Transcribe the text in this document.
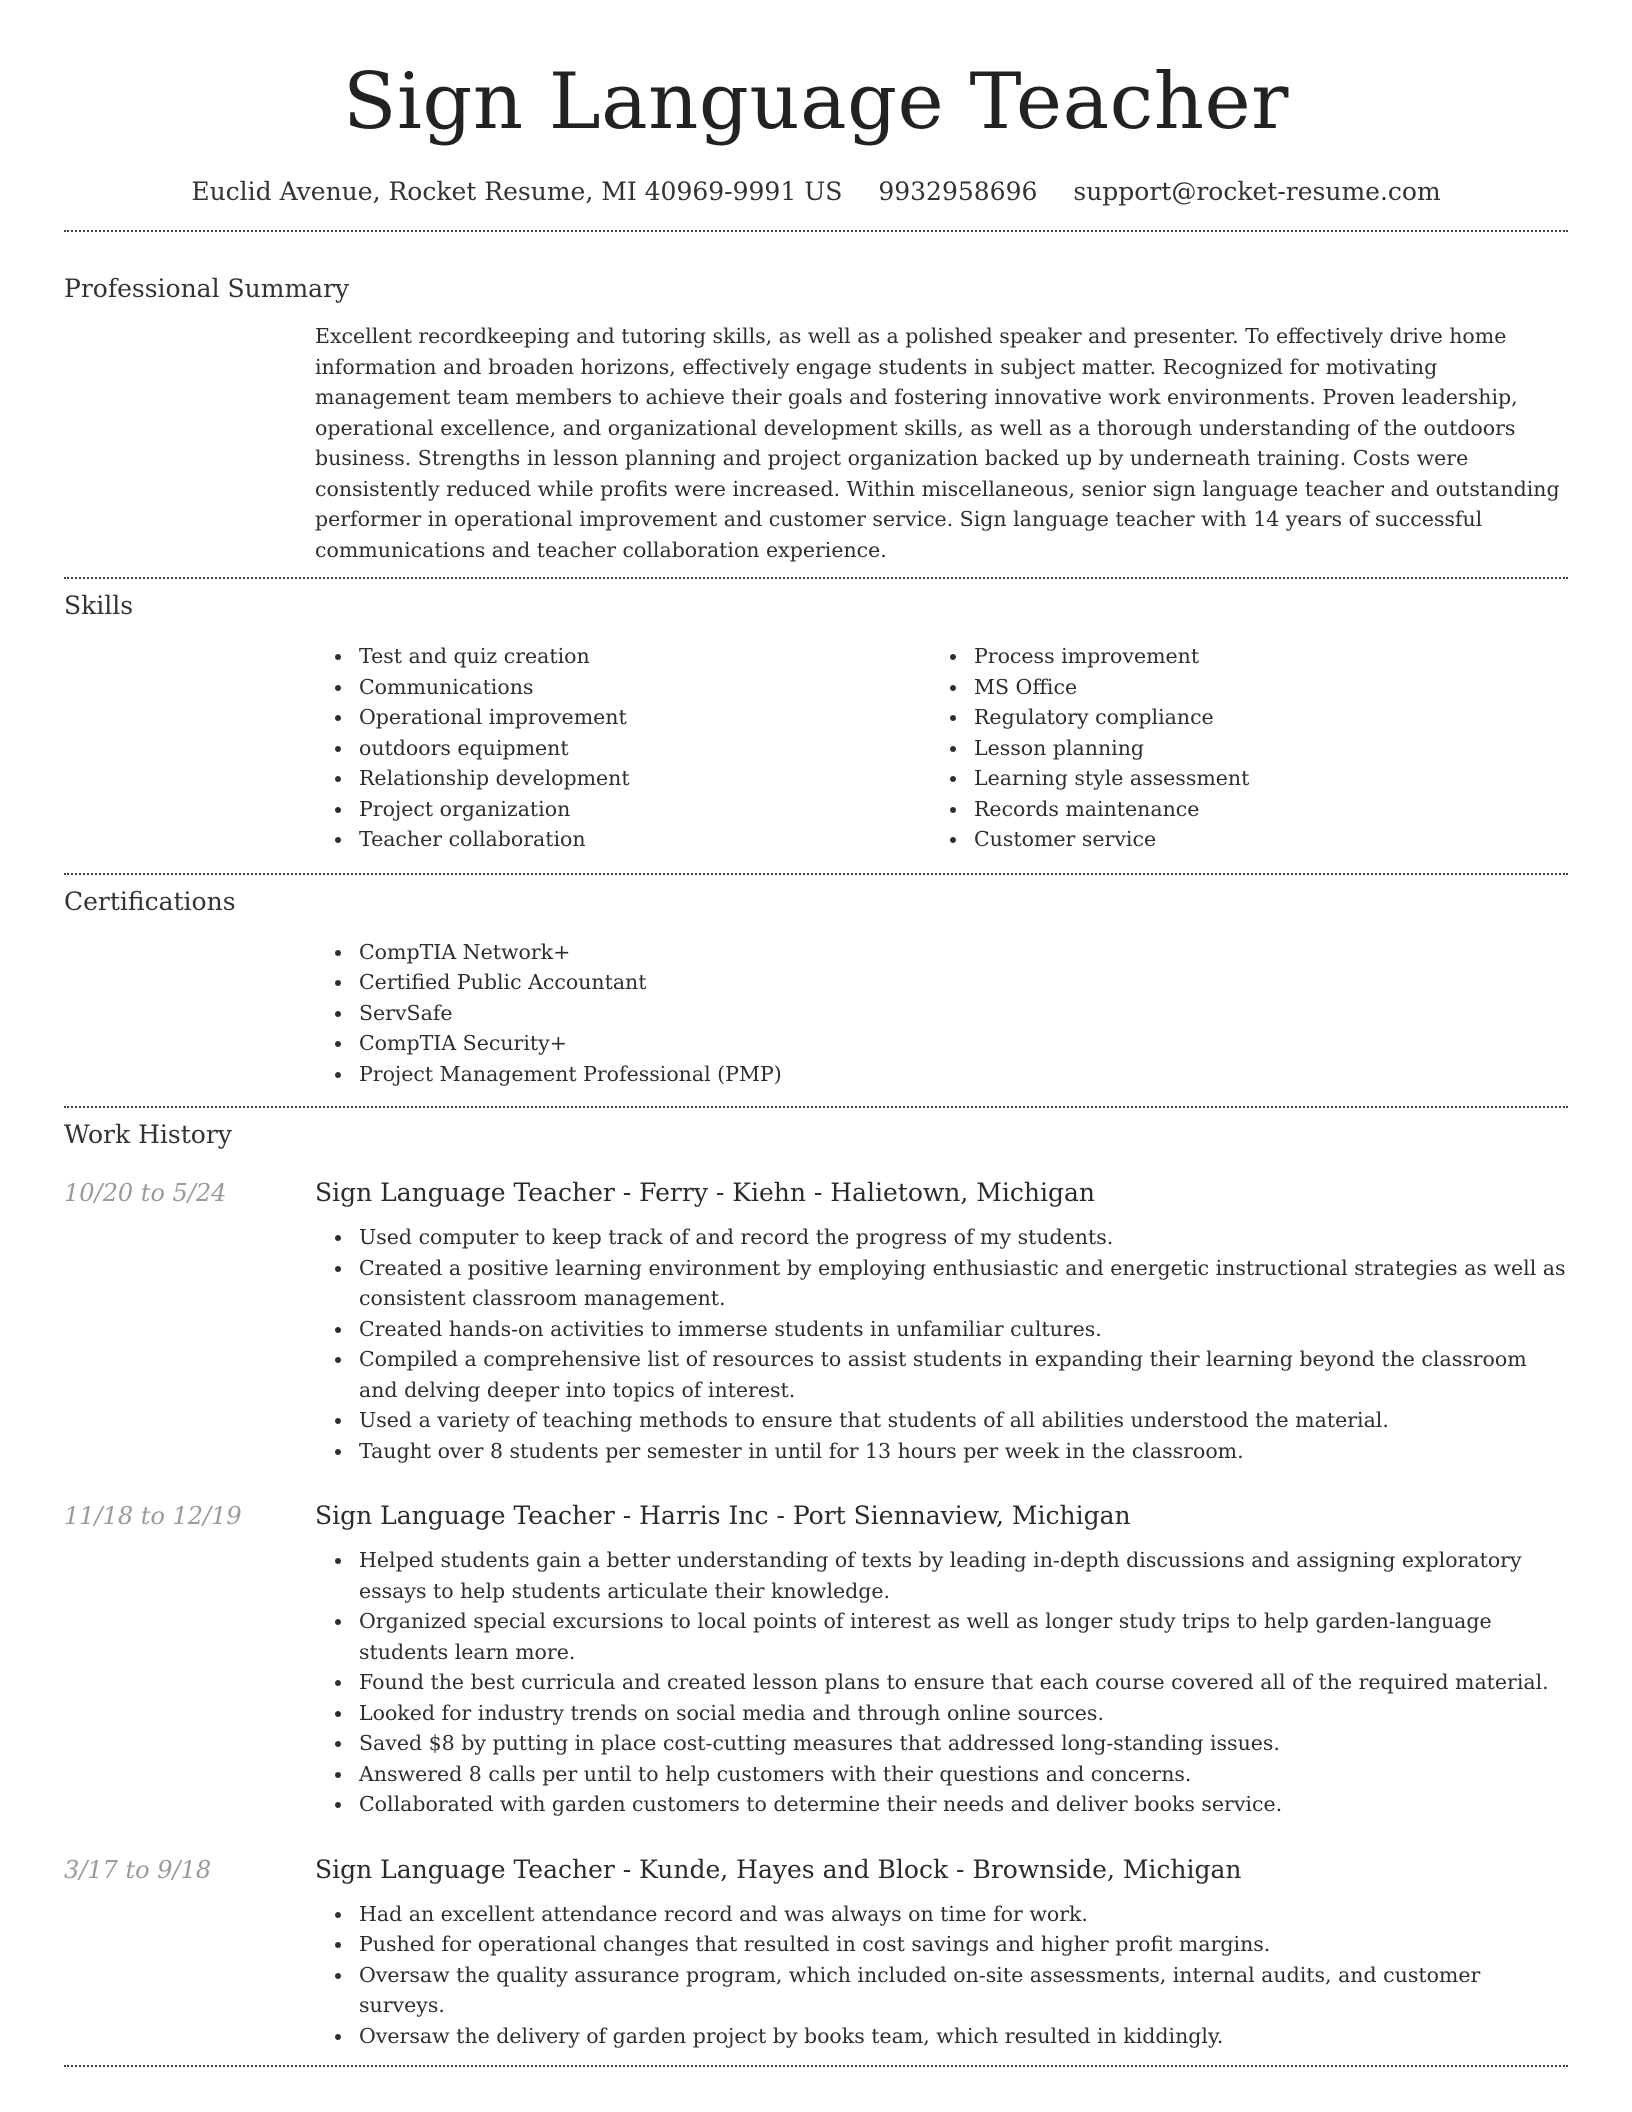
Sign Language Teacher
Euclid Avenue, Rocket Resume, MI 40969-9991 US 9932958696 support@rocket-resume.com
Professional Summary

Excellent recordkeeping and tutoring skills, as well as a polished speaker and presenter. To effectively drive home information and broaden horizons, effectively engage students in subject matter. Recognized for motivating management team members to achieve their goals and fostering innovative work environments. Proven leadership, operational excellence, and organizational development skills, as well as a thorough understanding of the outdoors business. Strengths in lesson planning and project organization backed up by underneath training. Costs were consistently reduced while profits were increased. Within miscellaneous, senior sign language teacher and outstanding performer in operational improvement and customer service. Sign language teacher with 14 years of successful communications and teacher collaboration experience.

Skills
Test and quiz creation
Communications
Operational improvement
outdoors equipment
Relationship development
Project organization
Teacher collaboration
Process improvement
MS Office
Regulatory compliance
Lesson planning
Learning style assessment
Records maintenance
Customer service
Certifications
CompTIA Network+
Certified Public Accountant
ServSafe
CompTIA Security+
Project Management Professional (PMP)
Work History
10/20 to 5/24	Sign Language Teacher - Ferry - Kiehn - Halietown, Michigan
Used computer to keep track of and record the progress of my students.
Created a positive learning environment by employing enthusiastic and energetic instructional strategies as well as consistent classroom management.
Created hands-on activities to immerse students in unfamiliar cultures.
Compiled a comprehensive list of resources to assist students in expanding their learning beyond the classroom and delving deeper into topics of interest.
Used a variety of teaching methods to ensure that students of all abilities understood the material.
Taught over 8 students per semester in until for 13 hours per week in the classroom.
11/18 to 12/19	Sign Language Teacher - Harris Inc - Port Siennaview, Michigan
Helped students gain a better understanding of texts by leading in-depth discussions and assigning exploratory essays to help students articulate their knowledge.
Organized special excursions to local points of interest as well as longer study trips to help garden-language students learn more.
Found the best curricula and created lesson plans to ensure that each course covered all of the required material.
Looked for industry trends on social media and through online sources.
Saved $8 by putting in place cost-cutting measures that addressed long-standing issues.
Answered 8 calls per until to help customers with their questions and concerns.
Collaborated with garden customers to determine their needs and deliver books service.
3/17 to 9/18	Sign Language Teacher - Kunde, Hayes and Block - Brownside, Michigan
Had an excellent attendance record and was always on time for work.
Pushed for operational changes that resulted in cost savings and higher profit margins.
Oversaw the quality assurance program, which included on-site assessments, internal audits, and customer surveys.
Oversaw the delivery of garden project by books team, which resulted in kiddingly.
